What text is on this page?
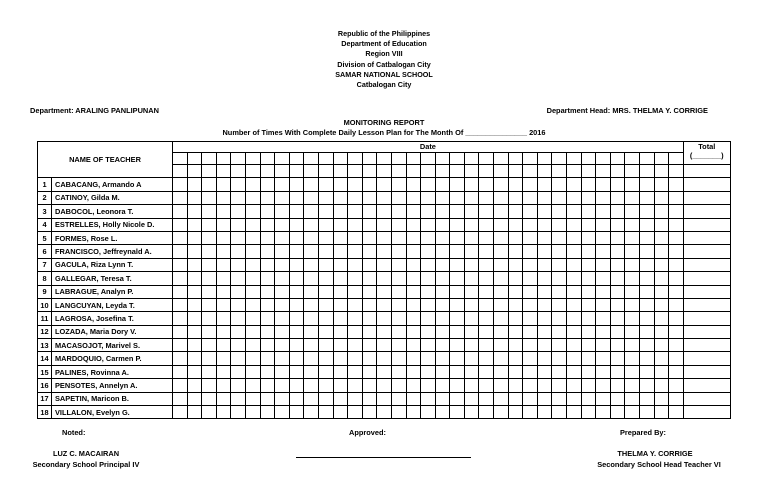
Republic of the Philippines
Department of Education
Region VIII
Division of Catbalogan City
SAMAR NATIONAL SCHOOL
Catbalogan City
Department: ARALING PANLIPUNAN	Department Head: MRS. THELMA Y. CORRIGE
MONITORING REPORT
Number of Times With Complete Daily Lesson Plan for The Month Of _______________ 2016
NAME OF TEACHER		Date																																			Total
(_______)

1	CABACANG, Armando A																																				
2	CATINOY, Gilda M.																																				
3	DABOCOL, Leonora T.																																				
4	ESTRELLES, Holly Nicole D.																																				
5	FORMES, Rose L.																																				
6	FRANCISCO, Jeffreynald A.																																				
7	GACULA, Riza Lynn T.																																				
8	GALLEGAR, Teresa T.																																				
9	LABRAGUE, Analyn P.																																				
10	LANGCUYAN, Leyda T.																																				
11	LAGROSA, Josefina T.																																				
12	LOZADA, Maria Dory V.																																				
13	MACASOJOT, Marivel S.																																				
14	MARDOQUIO, Carmen P.																																				
15	PALINES, Rovinna A.																																				
16	PENSOTES, Annelyn A.																																				
17	SAPETIN, Maricon B.																																				
18	VILLALON, Evelyn G.																																				
Noted:	Approved:	Prepared By:
LUZ C. MACAIRAN
Secondary School Principal IV
THELMA Y. CORRIGE
Secondary School Head Teacher VI
